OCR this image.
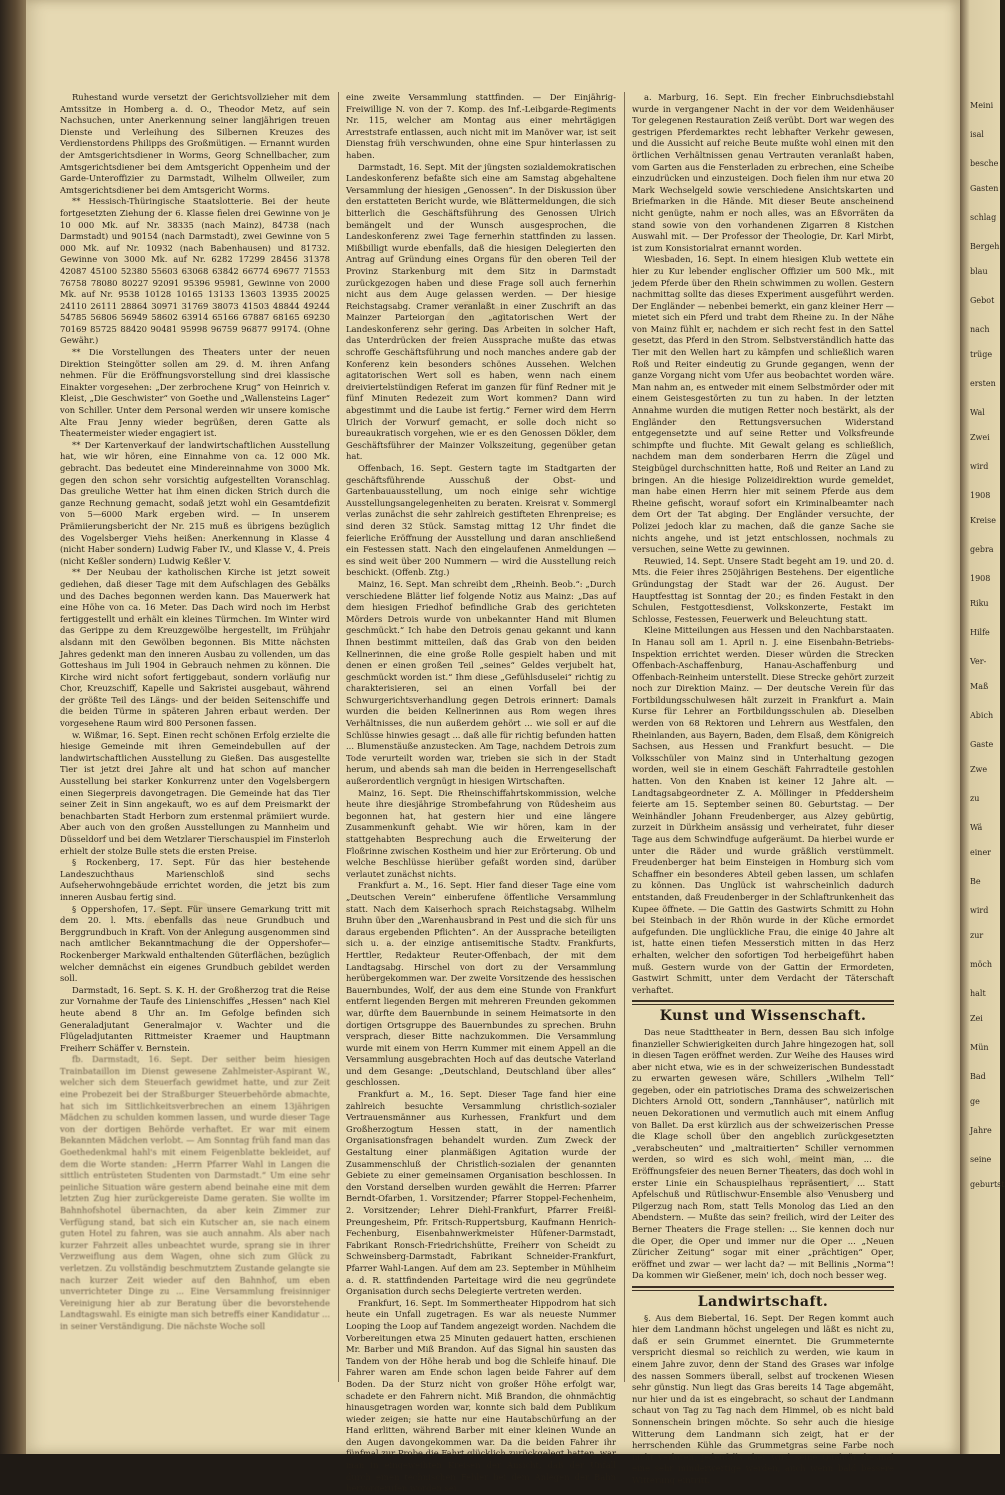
Ruhestand wurde versetzt der Gerichtsvollzieher mit dem Amtssitze in Homberg a. d. O., Theodor Metz, auf sein Nachsuchen, unter Anerkennung seiner langjährigen treuen Dienste und Verleihung des Silbernen Kreuzes des Verdienstordens Philipps des Großmütigen. — Ernannt wurden der Amtsgerichtsdiener in Worms, Georg Schnellbacher, zum Amtsgerichtsdiener bei dem Amtsgericht Oppenheim und der Garde-Unteroffizier zu Darmstadt, Wilhelm Ollweiler, zum Amtsgerichtsdiener bei dem Amtsgericht Worms.

** Hessisch-Thüringische Staatslotterie. Bei der heute fortgesetzten Ziehung der 6. Klasse fielen drei Gewinne von je 10 000 Mk. auf Nr. 38335 (nach Mainz), 84738 (nach Darmstadt) und 90154 (nach Darmstadt), zwei Gewinne von 5 000 Mk. auf Nr. 10932 (nach Babenhausen) und 81732. Gewinne von 3000 Mk. auf Nr. 6282 17299 28456 31378 42087 45100 52380 55603 63068 63842 66774 69677 71553 76758 78080 80227 92091 95396 95981, Gewinne von 2000 Mk. auf Nr. 9538 10128 10165 13133 13603 13935 20025 24110 26111 28864 30971 31769 38073 41503 48844 49244 54785 56806 56949 58602 63914 65166 67887 68165 69230 70169 85725 88420 90481 95998 96759 96877 99174. (Ohne Gewähr.)

** Die Vorstellungen des Theaters unter der neuen Direktion Steingötter sollen am 29. d. M. ihren Anfang nehmen. Für die Eröffnungsvorstellung sind drei klassische Einakter vorgesehen: „Der zerbrochene Krug“ von Heinrich v. Kleist, „Die Geschwister“ von Goethe und „Wallensteins Lager“ von Schiller. Unter dem Personal werden wir unsere komische Alte Frau Jenny wieder begrüßen, deren Gatte als Theatermeister wieder engagiert ist.

** Der Kartenverkauf der landwirtschaftlichen Ausstellung hat, wie wir hören, eine Einnahme von ca. 12 000 Mk. gebracht. Das bedeutet eine Mindereinnahme von 3000 Mk. gegen den schon sehr vorsichtig aufgestellten Voranschlag. Das greuliche Wetter hat ihm einen dicken Strich durch die ganze Rechnung gemacht, sodaß jetzt wohl ein Gesamtdefizit von 5—6000 Mark ergeben wird. — In unserem Prämiierungsbericht der Nr. 215 muß es übrigens bezüglich des Vogelsberger Viehs heißen: Anerkennung in Klasse 4 (nicht Haber sondern) Ludwig Faber IV., und Klasse V., 4. Preis (nicht Keßler sondern) Ludwig Keßler V.

** Der Neubau der katholischen Kirche ist jetzt soweit gediehen, daß dieser Tage mit dem Aufschlagen des Gebälks und des Daches begonnen werden kann. Das Mauerwerk hat eine Höhe von ca. 16 Meter. Das Dach wird noch im Herbst fertiggestellt und erhält ein kleines Türmchen. Im Winter wird das Gerippe zu dem Kreuzgewölbe hergestellt, im Frühjahr alsdann mit den Gewölben begonnen. Bis Mitte nächsten Jahres gedenkt man den inneren Ausbau zu vollenden, um das Gotteshaus im Juli 1904 in Gebrauch nehmen zu können. Die Kirche wird nicht sofort fertiggebaut, sondern vorläufig nur Chor, Kreuzschiff, Kapelle und Sakristei ausgebaut, während der größte Teil des Längs- und der beiden Seitenschiffe und die beiden Türme in späteren Jahren erbaut werden. Der vorgesehene Raum wird 800 Personen fassen.

w. Wißmar, 16. Sept. Einen recht schönen Erfolg erzielte die hiesige Gemeinde mit ihren Gemeindebullen auf der landwirtschaftlichen Ausstellung zu Gießen. Das ausgestellte Tier ist jetzt drei Jahre alt und hat schon auf mancher Ausstellung bei starker Konkurrenz unter den Vogelsbergern einen Siegerpreis davongetragen. Die Gemeinde hat das Tier seiner Zeit in Sinn angekauft, wo es auf dem Preismarkt der benachbarten Stadt Herborn zum erstenmal prämiiert wurde. Aber auch von den großen Ausstellungen zu Mannheim und Düsseldorf und bei dem Wetzlarer Tierschauspiel im Finsterloh erhielt der stolze Bulle stets die ersten Preise.

§ Rockenberg, 17. Sept. Für das hier bestehende Landeszuchthaus Marienschloß sind sechs Aufseherwohngebäude errichtet worden, die jetzt bis zum inneren Ausbau fertig sind.

§ Oppershofen, 17. Sept. Für unsere Gemarkung tritt mit dem 20. l. Mts. ebenfalls das neue Grundbuch und Berggrundbuch in Kraft. Von der Anlegung ausgenommen sind nach amtlicher Bekanntmachung die der Oppershofer—Rockenberger Markwald enthaltenden Güterflächen, bezüglich welcher demnächst ein eigenes Grundbuch gebildet werden soll.

Darmstadt, 16. Sept. S. K. H. der Großherzog trat die Reise zur Vornahme der Taufe des Linienschiffes „Hessen“ nach Kiel heute abend 8 Uhr an. Im Gefolge befinden sich Generaladjutant Generalmajor v. Wachter und die Flügeladjutanten Rittmeister Kraemer und Hauptmann Freiherr Schäffer v. Bernstein.

fb. Darmstadt, 16. Sept. Der seither beim hiesigen Trainbataillon im Dienst gewesene Zahlmeister-Aspirant W., welcher sich dem Steuerfach gewidmet hatte, und zur Zeit eine Probezeit bei der Straßburger Steuerbehörde abmachte, hat sich im Sittlichkeitsverbrechen an einem 13jährigen Mädchen zu schulden kommen lassen, und wurde dieser Tage von der dortigen Behörde verhaftet. Er war mit einem Bekannten Mädchen verlobt. — Am Sonntag früh fand man das Goethedenkmal hahl's mit einem Feigenblatte bekleidet, auf dem die Worte standen: „Herrn Pfarrer Wahl in Langen die sittlich entrüsteten Studenten von Darmstadt.“ Um eine sehr peinliche Situation wäre gestern abend beinahe eine mit dem letzten Zug hier zurückgereiste Dame geraten. Sie wollte im Bahnhofshotel übernachten, da aber kein Zimmer zur Verfügung stand, bat sich ein Kutscher an, sie nach einem guten Hotel zu fahren, was sie auch annahm. Als aber nach kurzer Fahrzeit alles unbeachtet wurde, sprang sie in ihrer Verzweiflung aus dem Wagen, ohne sich zum Glück zu verletzen. Zu vollständig beschmutztem Zustande gelangte sie nach kurzer Zeit wieder auf den Bahnhof, um eben unverrichteter Dinge zu ... Eine Versammlung freisinniger Vereinigung hier ab zur Beratung über die bevorstehende Landtagswahl. Es einigte man sich betreffs einer Kandidatur ... in seiner Verständigung. Die nächste Woche soll

eine zweite Versammlung stattfinden. — Der Einjährig-Freiwillige N. von der 7. Komp. des Inf.-Leibgarde-Regiments Nr. 115, welcher am Montag aus einer mehrtägigen Arreststrafe entlassen, auch nicht mit im Manöver war, ist seit Dienstag früh verschwunden, ohne eine Spur hinterlassen zu haben.

Darmstadt, 16. Sept. Mit der jüngsten sozialdemokratischen Landeskonferenz befaßte sich eine am Samstag abgehaltene Versammlung der hiesigen „Genossen“. In der Diskussion über den erstatteten Bericht wurde, wie Blättermeldungen, die sich bitterlich die Geschäftsführung des Genossen Ulrich bemängelt und der Wunsch ausgesprochen, die Landeskonferenz zwei Tage fernerhin stattfinden zu lassen. Mißbilligt wurde ebenfalls, daß die hiesigen Delegierten den Antrag auf Gründung eines Organs für den oberen Teil der Provinz Starkenburg mit dem Sitz in Darmstadt zurückgezogen haben und diese Frage soll auch fernerhin nicht aus dem Auge gelassen werden. — Der hiesige Reichstagsabg. Cramer veranlaßt in einer Zuschrift an das Mainzer Parteiorgan den „agitatorischen Wert der Landeskonferenz sehr gering. Das Arbeiten in solcher Haft, das Unterdrücken der freien Aussprache mußte das etwas schroffe Geschäftsführung und noch manches andere gab der Konferenz kein besonders schönes Aussehen. Welchen agitatorischen Wert soll es haben, wenn nach einem dreiviertelstündigen Referat im ganzen für fünf Redner mit je fünf Minuten Redezeit zum Wort kommen? Dann wird abgestimmt und die Laube ist fertig.“ Ferner wird dem Herrn Ulrich der Vorwurf gemacht, er solle doch nicht so bureaukratisch vorgehen, wie er es den Genossen Dökler, dem Geschäftsführer der Mainzer Volkszeitung, gegenüber getan hat.

Offenbach, 16. Sept. Gestern tagte im Stadtgarten der geschäftsführende Ausschuß der Obst- und Gartenbauausstellung, um noch einige sehr wichtige Ausstellungsangelegenheiten zu beraten. Kreisrat v. Sommergl verlas zunächst die sehr zahlreich gestifteten Ehrenpreise; es sind deren 32 Stück. Samstag mittag 12 Uhr findet die feierliche Eröffnung der Ausstellung und daran anschließend ein Festessen statt. Nach den eingelaufenen Anmeldungen — es sind weit über 200 Nummern — wird die Ausstellung reich beschickt. (Offenb. Ztg.)

Mainz, 16. Sept. Man schreibt dem „Rheinh. Beob.“: „Durch verschiedene Blätter lief folgende Notiz aus Mainz: „Das auf dem hiesigen Friedhof befindliche Grab des gerichteten Mörders Detrois wurde von unbekannter Hand mit Blumen geschmückt.“ Ich habe den Detrois genau gekannt und kann Ihnen bestimmt mitteilen, daß das Grab von den beiden Kellnerinnen, die eine große Rolle gespielt haben und mit denen er einen großen Teil „seines“ Geldes verjubelt hat, geschmückt worden ist.“ Ihm diese „Gefühlsduselei“ richtig zu charakterisieren, sei an einen Vorfall bei der Schwurgerichtsverhandlung gegen Detrois erinnert: Damals wurden die beiden Kellnerinnen aus Rom wegen ihres Verhältnisses, die nun außerdem gehört ... wie soll er auf die Schlüsse hinwies gesagt ... daß alle für richtig befunden hatten ... Blumenstäuße anzustecken. Am Tage, nachdem Detrois zum Tode verurteilt worden war, trieben sie sich in der Stadt herum, und abends sah man die beiden in Herrengesellschaft außerordentlich vergnügt in hiesigen Wirtschaften.

Mainz, 16. Sept. Die Rheinschiffahrtskommission, welche heute ihre diesjährige Strombefahrung von Rüdesheim aus begonnen hat, hat gestern hier und eine längere Zusammenkunft gehabt. Wie wir hören, kam in der stattgehabten Besprechung auch die Erweiterung der Floßrinne zwischen Kostheim und hier zur Erörterung. Ob und welche Beschlüsse hierüber gefaßt worden sind, darüber verlautet zunächst nichts.

Frankfurt a. M., 16. Sept. Hier fand dieser Tage eine vom „Deutschen Verein“ einberufene öffentliche Versammlung statt. Nach dem Kaiserhoch sprach Reichstagsabg. Wilhelm Bruhn über den „Warenhausbrand in Pest und die sich für uns daraus ergebenden Pflichten“. An der Aussprache beteiligten sich u. a. der einzige antisemitische Stadtv. Frankfurts, Herttler, Redakteur Reuter-Offenbach, der mit dem Landtagsabg. Hirschel von dort zu der Versammlung herübergekommen war. Der zweite Vorsitzende des hessischen Bauernbundes, Wolf, der aus dem eine Stunde von Frankfurt entfernt liegenden Bergen mit mehreren Freunden gekommen war, dürfte dem Bauernbunde in seinem Heimatsorte in den dortigen Ortsgruppe des Bauernbundes zu sprechen. Bruhn versprach, dieser Bitte nachzukommen. Die Versammlung wurde mit einem von Herrn Kummer mit einem Appell an die Versammlung ausgebrachten Hoch auf das deutsche Vaterland und dem Gesange: „Deutschland, Deutschland über alles“ geschlossen.

Frankfurt a. M., 16. Sept. Dieser Tage fand hier eine zahlreich besuchte Versammlung christlich-sozialer Vertrauensmänner aus Kurhessen, Frankfurt und dem Großherzogtum Hessen statt, in der namentlich Organisationsfragen behandelt wurden. Zum Zweck der Gestaltung einer planmäßigen Agitation wurde der Zusammenschluß der Christlich-sozialen der genannten Gebiete zu einer gemeinsamen Organisation beschlossen. In den Vorstand derselben wurden gewählt die Herren: Pfarrer Berndt-Ofarben, 1. Vorsitzender; Pfarrer Stoppel-Fechenheim, 2. Vorsitzender; Lehrer Diehl-Frankfurt, Pfarrer Freißl-Preungesheim, Pfr. Fritsch-Ruppertsburg, Kaufmann Henrich-Fechenburg, Eisenbahnwerkmeister Hüfener-Darmstadt, Fabrikant Ronsch-Friedrichshütte, Freiherr von Scheidt zu Schweinsberg-Darmstadt, Fabrikant Schneider-Frankfurt, Pfarrer Wahl-Langen. Auf dem am 23. September in Mühlheim a. d. R. stattfindenden Parteitage wird die neu gegründete Organisation durch sechs Delegierte vertreten werden.

Frankfurt, 16. Sept. Im Sommertheater Hippodrom hat sich heute ein Unfall zugetragen. Es war als neueste Nummer Looping the Loop auf Tandem angezeigt worden. Nachdem die Vorbereitungen etwa 25 Minuten gedauert hatten, erschienen Mr. Barber und Miß Brandon. Auf das Signal hin sausten das Tandem von der Höhe herab und bog die Schleife hinauf. Die Fahrer waren am Ende schon lagen beide Fahrer auf dem Boden. Da der Sturz nicht von großer Höhe erfolgt war, schadete er den Fahrern nicht. Miß Brandon, die ohnmächtig hinausgetragen worden war, konnte sich bald dem Publikum wieder zeigen; sie hatte nur eine Hautabschürfung an der Hand erlitten, während Barber mit einer kleinen Wunde an den Augen davongekommen war. Da die beiden Fahrer ihr fünfmal zur Probe die Fahrt glücklich zurückgelegt hatten, war man in eingeweihten Kreisen der Ansicht, daß der Unfall durch einen technischen Fehler bei dem Anlegen der Bahn hervorgerufen worden sei.

a. Marburg, 16. Sept. Ein frecher Einbruchsdiebstahl wurde in vergangener Nacht in der vor dem Weidenhäuser Tor gelegenen Restauration Zeiß verübt. Dort war wegen des gestrigen Pferdemarktes recht lebhafter Verkehr gewesen, und die Aussicht auf reiche Beute mußte wohl einen mit den örtlichen Verhältnissen genau Vertrauten veranlaßt haben, vom Garten aus die Fensterladen zu erbrechen, eine Scheibe einzudrücken und einzusteigen. Doch fielen ihm nur etwa 20 Mark Wechselgeld sowie verschiedene Ansichtskarten und Briefmarken in die Hände. Mit dieser Beute anscheinend nicht genügte, nahm er noch alles, was an Eßvorräten da stand sowie von den vorhandenen Zigarren 8 Kistchen Auswahl mit. — Der Professor der Theologie, Dr. Karl Mirbt, ist zum Konsistorialrat ernannt worden.

Wiesbaden, 16. Sept. In einem hiesigen Klub wettete ein hier zu Kur lebender englischer Offizier um 500 Mk., mit jedem Pferde über den Rhein schwimmen zu wollen. Gestern nachmittag sollte das dieses Experiment ausgeführt werden. Der Engländer — nebenbei bemerkt, ein ganz kleiner Herr — mietet sich ein Pferd und trabt dem Rheine zu. In der Nähe von Mainz fühlt er, nachdem er sich recht fest in den Sattel gesetzt, das Pferd in den Strom. Selbstverständlich hatte das Tier mit den Wellen hart zu kämpfen und schließlich waren Roß und Reiter eindeutig zu Grunde gegangen, wenn der ganze Vorgang nicht vom Ufer aus beobachtet worden wäre. Man nahm an, es entweder mit einem Selbstmörder oder mit einem Geistesgestörten zu tun zu haben. In der letzten Annahme wurden die mutigen Retter noch bestärkt, als der Engländer den Rettungsversuchen Widerstand entgegensetzte und auf seine Retter und Volksfreunde schimpfte und fluchte. Mit Gewalt gelang es schließlich, nachdem man dem sonderbaren Herrn die Zügel und Steigbügel durchschnitten hatte, Roß und Reiter an Land zu bringen. An die hiesige Polizeidirektion wurde gemeldet, man habe einen Herrn hier mit seinem Pferde aus dem Rheine gefischt, worauf sofort ein Kriminalbeamter nach dem Ort der Tat abging. Der Engländer versuchte, der Polizei jedoch klar zu machen, daß die ganze Sache sie nichts angehe, und ist jetzt entschlossen, nochmals zu versuchen, seine Wette zu gewinnen.

Reuwied, 14. Sept. Unsere Stadt begeht am 19. und 20. d. Mts. die Feier ihres 250jährigen Bestehens. Der eigentliche Gründungstag der Stadt war der 26. August. Der Hauptfesttag ist Sonntag der 20.; es finden Festakt in den Schulen, Festgottesdienst, Volkskonzerte, Festakt im Schlosse, Festessen, Feuerwerk und Beleuchtung statt.

Kleine Mitteilungen aus Hessen und den Nachbarstaaten. In Hanau soll am 1. April n. J. eine Eisenbahn-Betriebs-Inspektion errichtet werden. Dieser würden die Strecken Offenbach-Aschaffenburg, Hanau-Aschaffenburg und Offenbach-Reinheim unterstellt. Diese Strecke gehört zurzeit noch zur Direktion Mainz. — Der deutsche Verein für das Fortbildungsschulwesen hält zurzeit in Frankfurt a. Main Kurse für Lehrer an Fortbildungsschulen ab. Dieselben werden von 68 Rektoren und Lehrern aus Westfalen, den Rheinlanden, aus Bayern, Baden, dem Elsaß, dem Königreich Sachsen, aus Hessen und Frankfurt besucht. — Die Volksschüler von Mainz sind in Unterhaltung gezogen worden, weil sie in einem Geschäft Fahrradteile gestohlen hatten. Von den Knaben ist keiner 12 Jahre alt. — Landtagsabgeordneter Z. A. Möllinger in Pfeddersheim feierte am 15. September seinen 80. Geburtstag. — Der Weinhändler Johann Freudenberger, aus Alzey gebürtig, zurzeit in Dürkheim ansässig und verheiratet, fuhr dieser Tage aus dem Schwindfuge aufgeräumt. Da hierbei wurde er unter die Räder und wurde gräßlich verstümmelt. Freudenberger hat beim Einsteigen in Homburg sich vom Schaffner ein besonderes Abteil geben lassen, um schlafen zu können. Das Unglück ist wahrscheinlich dadurch entstanden, daß Freudenberger in der Schlaftrunkenheit das Kupee öffnete. — Die Gattin des Gastwirts Schmitt zu Hohn bei Steinbach in der Rhön wurde in der Küche ermordet aufgefunden. Die unglückliche Frau, die einige 40 Jahre alt ist, hatte einen tiefen Messerstich mitten in das Herz erhalten, welcher den sofortigen Tod herbeigeführt haben muß. Gestern wurde von der Gattin der Ermordeten, Gastwirt Schmitt, unter dem Verdacht der Täterschaft verhaftet.

Kunst und Wissenschaft.

Das neue Stadttheater in Bern, dessen Bau sich infolge finanzieller Schwierigkeiten durch Jahre hingezogen hat, soll in diesen Tagen eröffnet werden. Zur Weihe des Hauses wird aber nicht etwa, wie es in der schweizerischen Bundesstadt zu erwarten gewesen wäre, Schillers „Wilhelm Tell“ gegeben, oder ein patriotisches Drama des schweizerischen Dichters Arnold Ott, sondern „Tannhäuser“, natürlich mit neuen Dekorationen und vermutlich auch mit einem Anflug von Ballet. Da erst kürzlich aus der schweizerischen Presse die Klage scholl über den angeblich zurückgesetzten „verabscheuten“ und „maltraitierten“ Schiller vernommen werden, so wird es sich wohl, meint man, ... die Eröffnungsfeier des neuen Berner Theaters, das doch wohl in erster Linie ein Schauspielhaus repräsentiert, ... Statt Apfelschuß und Rütlischwur-Ensemble also Venusberg und Pilgerzug nach Rom, statt Tells Monolog das Lied an den Abendstern. — Mußte das sein? freilich, wird der Leiter des Berner Theaters die Frage stellen: ... Sie kennen doch nur die Oper, die Oper und immer nur die Oper ... „Neuen Züricher Zeitung“ sogar mit einer „prächtigen“ Oper, eröffnet und zwar — wer lacht da? — mit Bellinis „Norma“! Da kommen wir Gießener, mein' ich, doch noch besser weg.

Landwirtschaft.

§. Aus dem Biebertal, 16. Sept. Der Regen kommt auch hier dem Landmann höchst ungelegen und läßt es nicht zu, daß er sein Grummet einerntet. Die Grummeternte verspricht diesmal so reichlich zu werden, wie kaum in einem Jahre zuvor, denn der Stand des Grases war infolge des nassen Sommers überall, selbst auf trockenen Wiesen sehr günstig. Nun liegt das Gras bereits 14 Tage abgemäht, nur hier und da ist es eingebracht, so schaut der Landmann schaut von Tag zu Tag nach dem Himmel, ob es nicht bald Sonnenschein bringen möchte. So sehr auch die hiesige Witterung dem Landmann sich zeigt, hat er der herrschenden Kühle das Grummetgras seine Farbe noch nicht verloren; jedenfalls aber wird seine Qualität diesmal eine sehr minderwertige werden, auch wenn bald bessere Witterung eintritt.

Meini
isal
besche
Gasten
schlag
Bergeh
blau
Gebot
nach
trüge
ersten
Wal
Zwei
wird
1908
Kreise
gebra
1908
Riku
Hilfe
Ver-
Maß
Abich
Gaste
Zwe
zu
Wä
einer
Be
wird
zur
möch
halt
Zei
Mün
Bad
ge
Jahre
seine
geburtst
